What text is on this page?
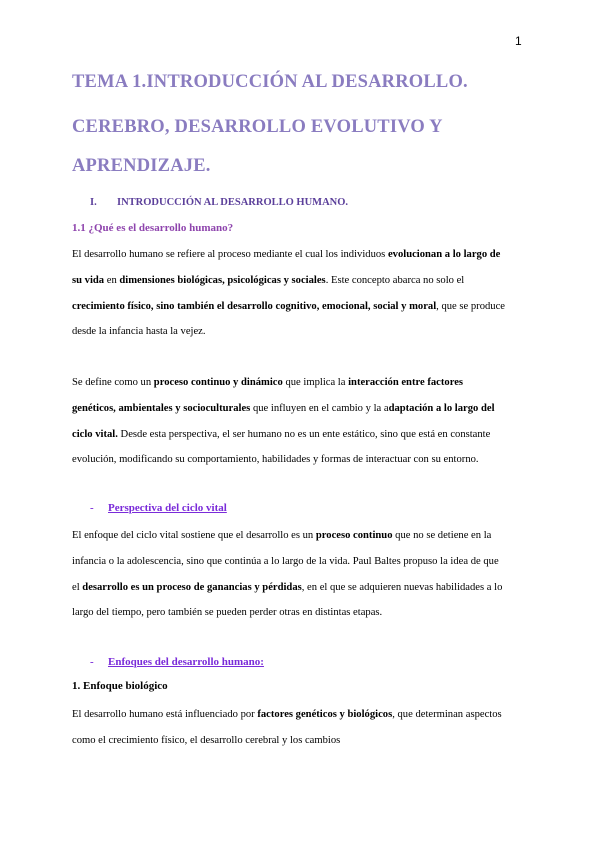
1
TEMA 1.INTRODUCCIÓN AL DESARROLLO.
CEREBRO, DESARROLLO EVOLUTIVO Y
APRENDIZAJE.
I. INTRODUCCIÓN AL DESARROLLO HUMANO.
1.1 ¿Qué es el desarrollo humano?
El desarrollo humano se refiere al proceso mediante el cual los individuos evolucionan a lo largo de
su vida en dimensiones biológicas, psicológicas y sociales. Este concepto abarca no solo el
crecimiento físico, sino también el desarrollo cognitivo, emocional, social y moral, que se produce
desde la infancia hasta la vejez.
Se define como un proceso continuo y dinámico que implica la interacción entre factores
genéticos, ambientales y socioculturales que influyen en el cambio y la adaptación a lo largo del
ciclo vital. Desde esta perspectiva, el ser humano no es un ente estático, sino que está en constante
evolución, modificando su comportamiento, habilidades y formas de interactuar con su entorno.
- Perspectiva del ciclo vital
El enfoque del ciclo vital sostiene que el desarrollo es un proceso continuo que no se detiene en la
infancia o la adolescencia, sino que continúa a lo largo de la vida. Paul Baltes propuso la idea de que
el desarrollo es un proceso de ganancias y pérdidas, en el que se adquieren nuevas habilidades a lo
largo del tiempo, pero también se pueden perder otras en distintas etapas.
- Enfoques del desarrollo humano:
1. Enfoque biológico
El desarrollo humano está influenciado por factores genéticos y biológicos, que determinan aspectos
como el crecimiento físico, el desarrollo cerebral y los cambios
